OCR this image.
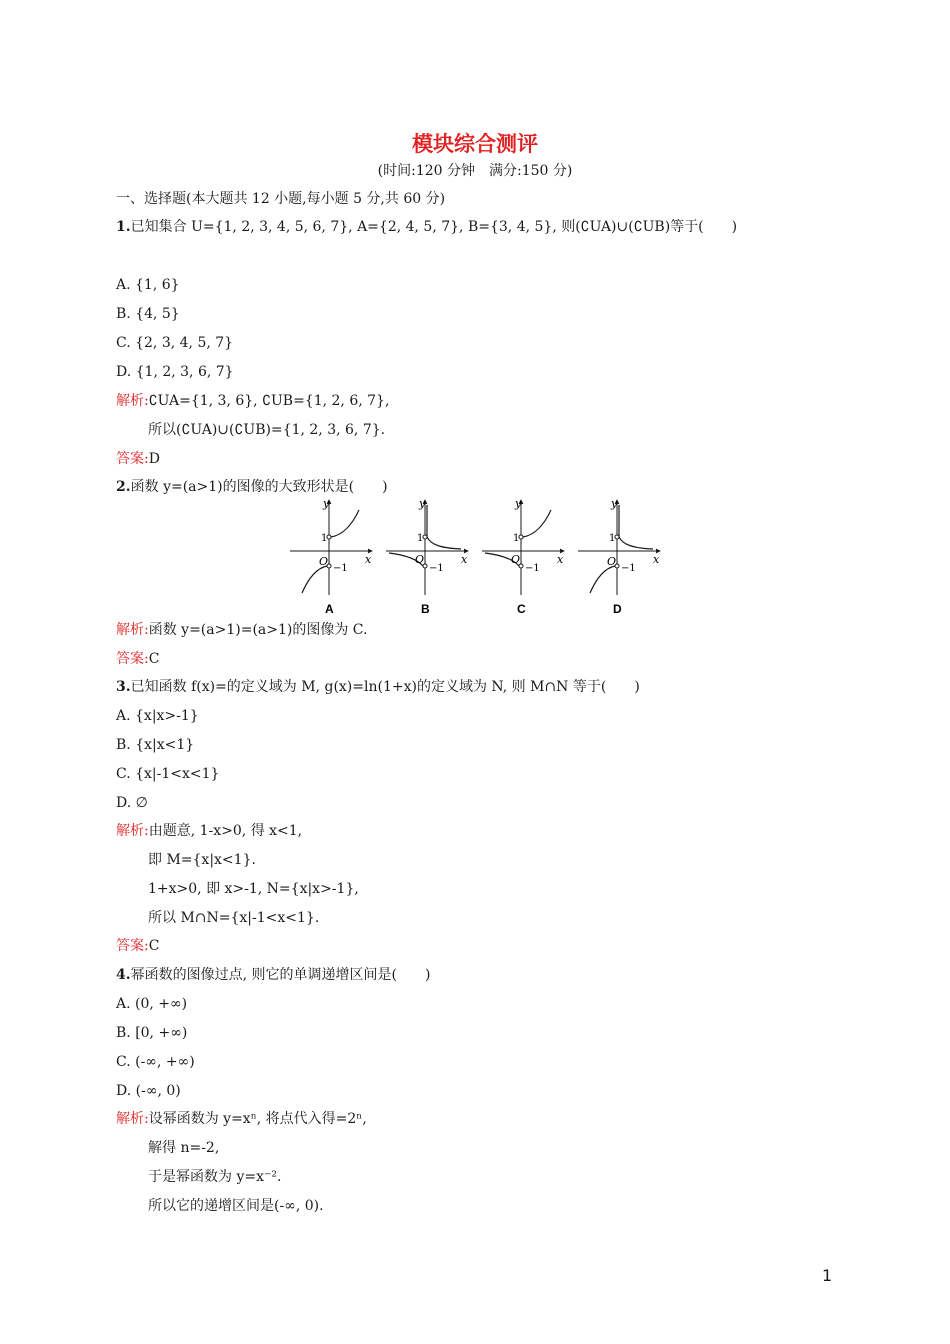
模块综合测评
(时间:120 分钟　满分:150 分)
一、选择题(本大题共 12 小题,每小题 5 分,共 60 分)
1.已知集合 U={1, 2, 3, 4, 5, 6, 7}, A={2, 4, 5, 7}, B={3, 4, 5}, 则(∁UA)∪(∁UB)等于(　　)
A. {1, 6}
B. {4, 5}
C. {2, 3, 4, 5, 7}
D. {1, 2, 3, 6, 7}
解析:∁UA={1, 3, 6}, ∁UB={1, 2, 6, 7},
所以(∁UA)∪(∁UB)={1, 2, 3, 6, 7}.
答案:D
2.函数 y=(a>1)的图像的大致形状是(　　)
y
x
O
1
−1
A
y
x
O
1
−1
B
y
x
O
1
−1
C
y
x
O
1
−1
D
解析:函数 y=(a>1)=(a>1)的图像为 C.
答案:C
3.已知函数 f(x)=的定义域为 M, g(x)=ln(1+x)的定义域为 N, 则 M∩N 等于(　　)
A. {x|x>-1}
B. {x|x<1}
C. {x|-1<x<1}
D. ∅
解析:由题意, 1-x>0, 得 x<1,
即 M={x|x<1}.
1+x>0, 即 x>-1, N={x|x>-1},
所以 M∩N={x|-1<x<1}.
答案:C
4.幂函数的图像过点, 则它的单调递增区间是(　　)
A. (0, +∞)
B. [0, +∞)
C. (-∞, +∞)
D. (-∞, 0)
解析:设幂函数为 y=xⁿ, 将点代入得=2ⁿ,
解得 n=-2,
于是幂函数为 y=x⁻².
所以它的递增区间是(-∞, 0).
1
